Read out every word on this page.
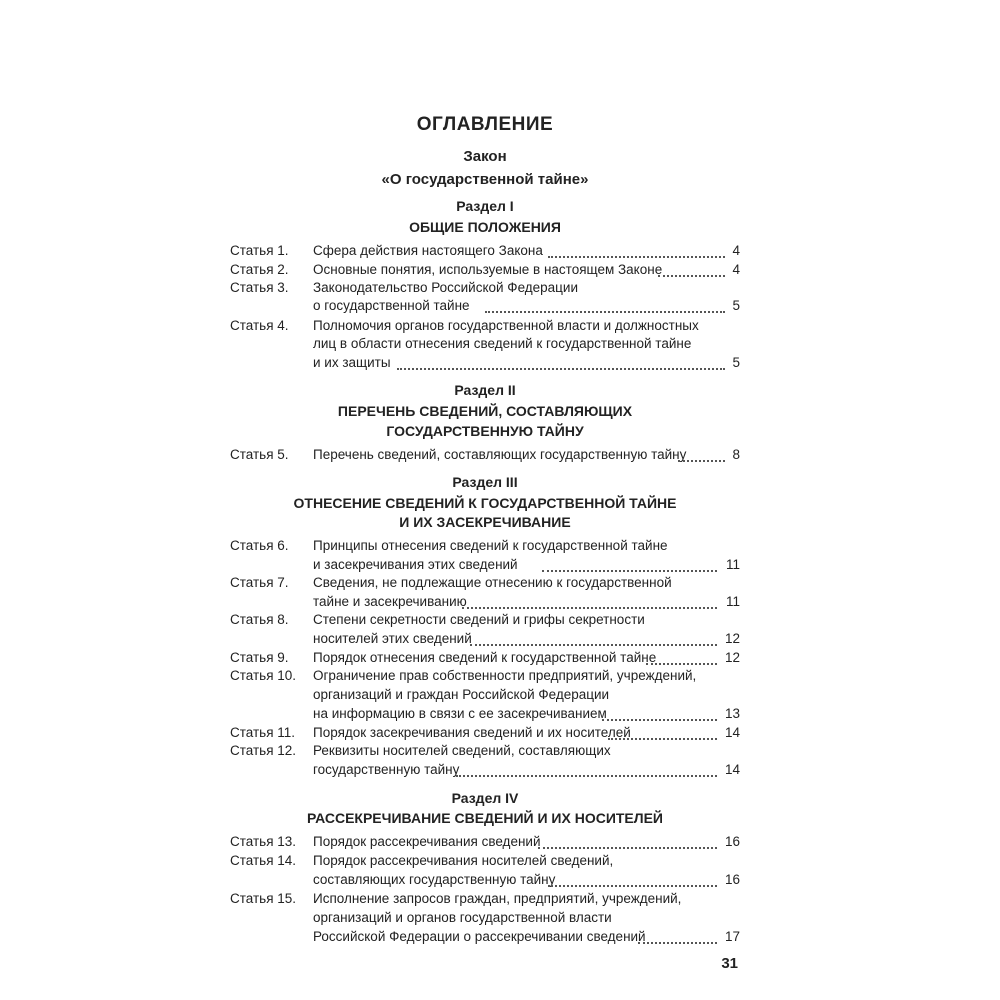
ОГЛАВЛЕНИЕ
Закон
«О государственной тайне»
Раздел I
ОБЩИЕ ПОЛОЖЕНИЯ
Статья 1. Сфера действия настоящего Закона	4
Статья 2. Основные понятия, используемые в настоящем Законе	4
Статья 3. Законодательство Российской Федерации
о государственной тайне	5
Статья 4. Полномочия органов государственной власти и должностных
лиц в области отнесения сведений к государственной тайне
и их защиты	5
Раздел II
ПЕРЕЧЕНЬ СВЕДЕНИЙ, СОСТАВЛЯЮЩИХ
ГОСУДАРСТВЕННУЮ ТАЙНУ
Статья 5. Перечень сведений, составляющих государственную тайну	8
Раздел III
ОТНЕСЕНИЕ СВЕДЕНИЙ К ГОСУДАРСТВЕННОЙ ТАЙНЕ
И ИХ ЗАСЕКРЕЧИВАНИЕ
Статья 6. Принципы отнесения сведений к государственной тайне
и засекречивания этих сведений	11
Статья 7. Сведения, не подлежащие отнесению к государственной
тайне и засекречиванию	11
Статья 8. Степени секретности сведений и грифы секретности
носителей этих сведений	12
Статья 9. Порядок отнесения сведений к государственной тайне	12
Статья 10. Ограничение прав собственности предприятий, учреждений,
организаций и граждан Российской Федерации
на информацию в связи с ее засекречиванием	13
Статья 11. Порядок засекречивания сведений и их носителей	14
Статья 12. Реквизиты носителей сведений, составляющих
государственную тайну	14
Раздел IV
РАССЕКРЕЧИВАНИЕ СВЕДЕНИЙ И ИХ НОСИТЕЛЕЙ
Статья 13. Порядок рассекречивания сведений	16
Статья 14. Порядок рассекречивания носителей сведений,
составляющих государственную тайну	16
Статья 15. Исполнение запросов граждан, предприятий, учреждений,
организаций и органов государственной власти
Российской Федерации о рассекречивании сведений	17
31
